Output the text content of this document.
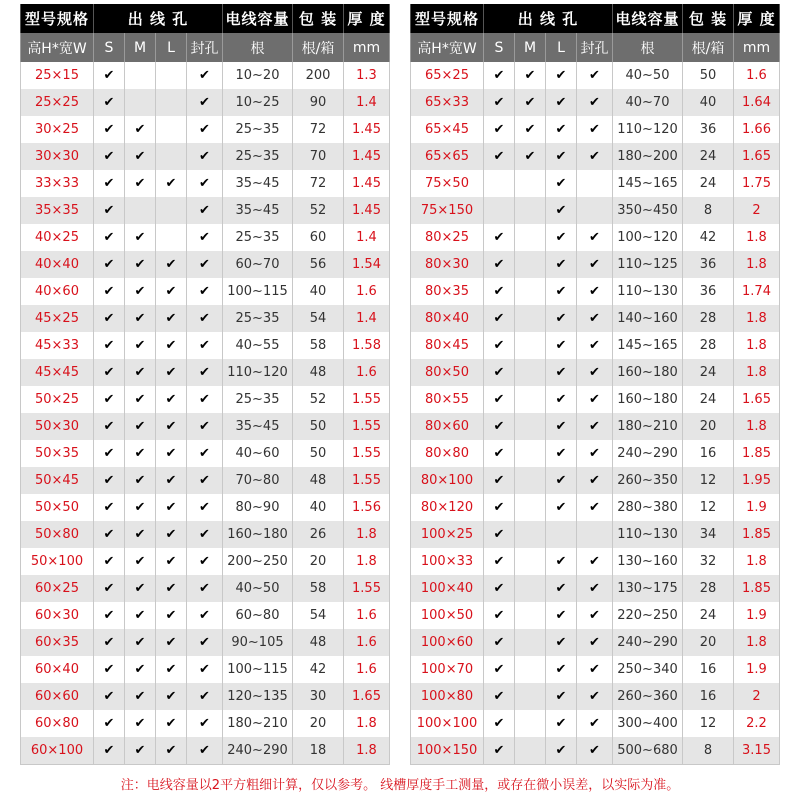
型号规格	出 线 孔				电线容量	包 装	厚 度
高H*宽W	S	M	L	封孔	根	根/箱	mm
25×15	✔			✔	10~20	200	1.3
25×25	✔			✔	10~25	90	1.4
30×25	✔	✔		✔	25~35	72	1.45
30×30	✔	✔		✔	25~35	70	1.45
33×33	✔	✔	✔	✔	35~45	72	1.45
35×35	✔			✔	35~45	52	1.45
40×25	✔	✔		✔	25~35	60	1.4
40×40	✔	✔	✔	✔	60~70	56	1.54
40×60	✔	✔	✔	✔	100~115	40	1.6
45×25	✔	✔	✔	✔	25~35	54	1.4
45×33	✔	✔	✔	✔	40~55	58	1.58
45×45	✔	✔	✔	✔	110~120	48	1.6
50×25	✔	✔	✔	✔	25~35	52	1.55
50×30	✔	✔	✔	✔	35~45	50	1.55
50×35	✔	✔	✔	✔	40~60	50	1.55
50×45	✔	✔	✔	✔	70~80	48	1.55
50×50	✔	✔	✔	✔	80~90	40	1.56
50×80	✔	✔	✔	✔	160~180	26	1.8
50×100	✔	✔	✔	✔	200~250	20	1.8
60×25	✔	✔	✔	✔	40~50	58	1.55
60×30	✔	✔	✔	✔	60~80	54	1.6
60×35	✔	✔	✔	✔	90~105	48	1.6
60×40	✔	✔	✔	✔	100~115	42	1.6
60×60	✔	✔	✔	✔	120~135	30	1.65
60×80	✔	✔	✔	✔	180~210	20	1.8
60×100	✔	✔	✔	✔	240~290	18	1.8
型号规格	出 线 孔				电线容量	包 装	厚 度
高H*宽W	S	M	L	封孔	根	根/箱	mm
65×25	✔	✔	✔	✔	40~50	50	1.6
65×33	✔	✔	✔	✔	40~70	40	1.64
65×45	✔	✔	✔	✔	110~120	36	1.66
65×65	✔	✔	✔	✔	180~200	24	1.65
75×50			✔		145~165	24	1.75
75×150			✔		350~450	8	2
80×25	✔		✔	✔	100~120	42	1.8
80×30	✔		✔	✔	110~125	36	1.8
80×35	✔		✔	✔	110~130	36	1.74
80×40	✔		✔	✔	140~160	28	1.8
80×45	✔		✔	✔	145~165	28	1.8
80×50	✔		✔	✔	160~180	24	1.8
80×55	✔		✔	✔	160~180	24	1.65
80×60	✔		✔	✔	180~210	20	1.8
80×80	✔		✔	✔	240~290	16	1.85
80×100	✔		✔	✔	260~350	12	1.95
80×120	✔		✔	✔	280~380	12	1.9
100×25	✔				110~130	34	1.85
100×33	✔		✔	✔	130~160	32	1.8
100×40	✔		✔	✔	130~175	28	1.85
100×50	✔		✔	✔	220~250	24	1.9
100×60	✔		✔	✔	240~290	20	1.8
100×70	✔		✔	✔	250~340	16	1.9
100×80	✔		✔	✔	260~360	16	2
100×100	✔		✔	✔	300~400	12	2.2
100×150	✔		✔	✔	500~680	8	3.15
注：电线容量以2平方粗细计算，仅以参考。 线槽厚度手工测量，或存在微小误差，以实际为准。
